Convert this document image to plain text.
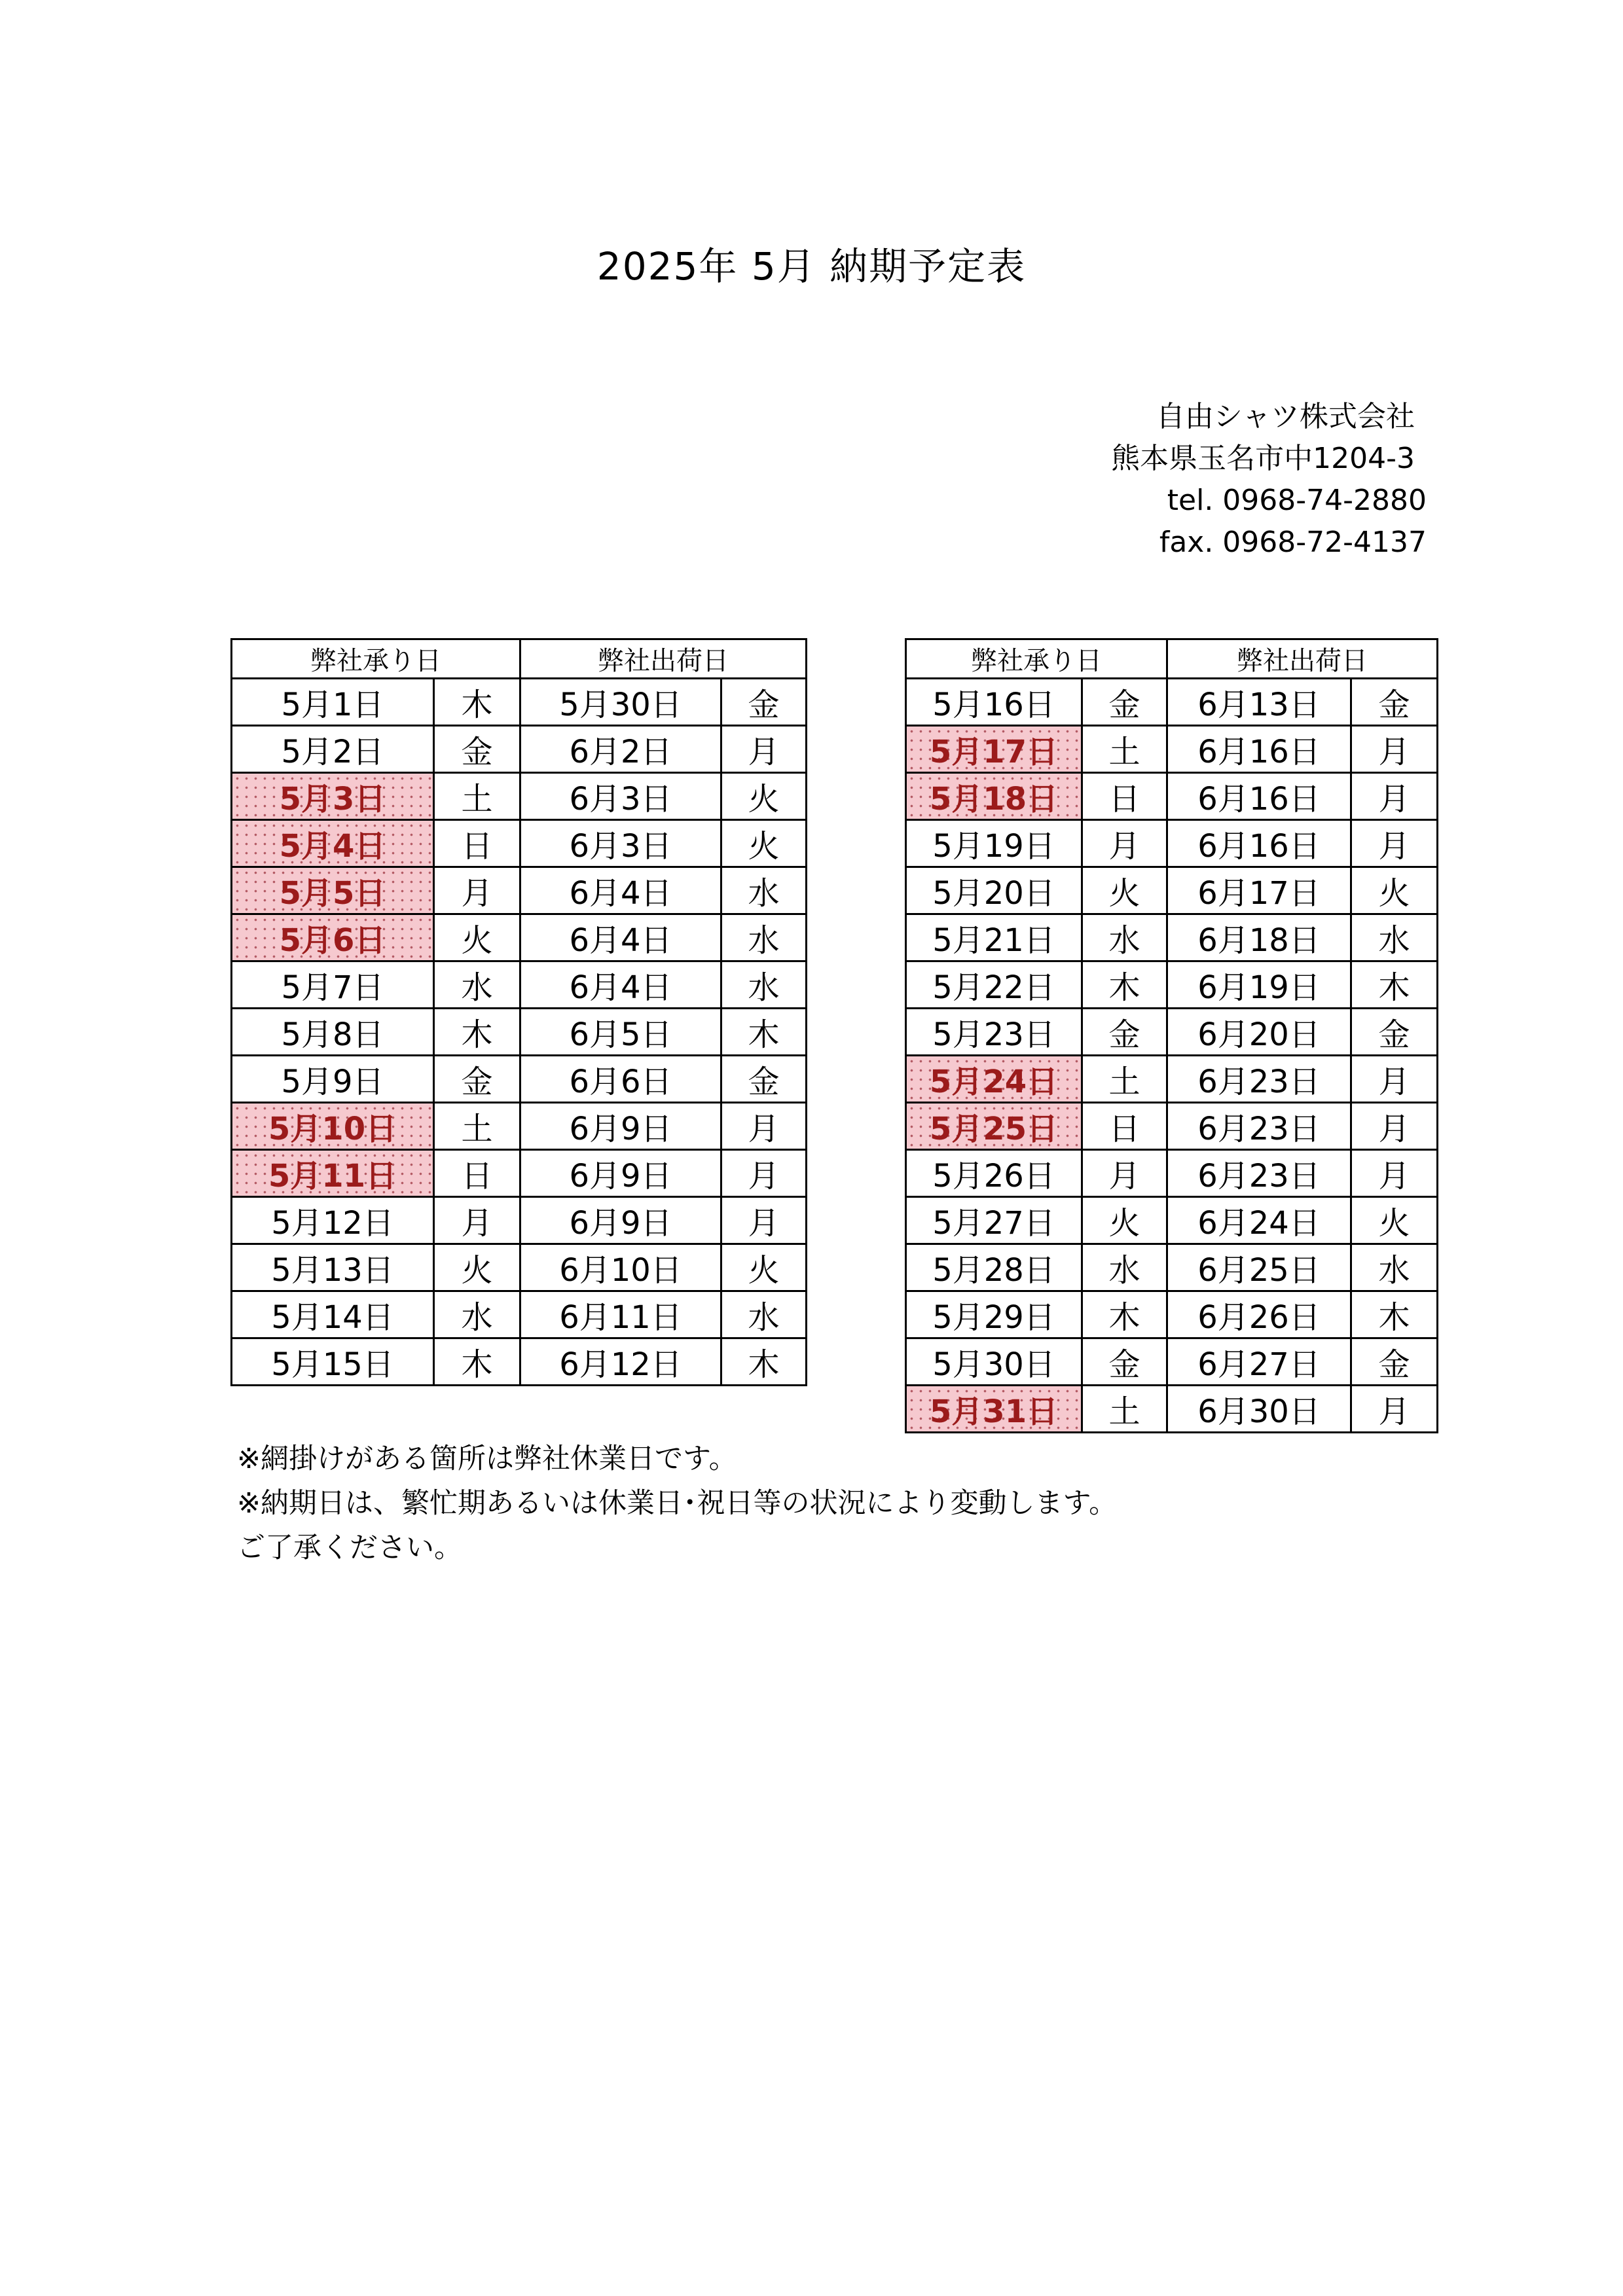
2025年 5月 納期予定表
自由シャツ株式会社
熊本県玉名市中1204-3
tel. 0968-74-2880
fax. 0968-72-4137
弊社承り日		弊社出荷日	
5月1日	木	5月30日	金
5月2日	金	6月2日	月
5月3日	土	6月3日	火
5月4日	日	6月3日	火
5月5日	月	6月4日	水
5月6日	火	6月4日	水
5月7日	水	6月4日	水
5月8日	木	6月5日	木
5月9日	金	6月6日	金
5月10日	土	6月9日	月
5月11日	日	6月9日	月
5月12日	月	6月9日	月
5月13日	火	6月10日	火
5月14日	水	6月11日	水
5月15日	木	6月12日	木
弊社承り日		弊社出荷日	
5月16日	金	6月13日	金
5月17日	土	6月16日	月
5月18日	日	6月16日	月
5月19日	月	6月16日	月
5月20日	火	6月17日	火
5月21日	水	6月18日	水
5月22日	木	6月19日	木
5月23日	金	6月20日	金
5月24日	土	6月23日	月
5月25日	日	6月23日	月
5月26日	月	6月23日	月
5月27日	火	6月24日	火
5月28日	水	6月25日	水
5月29日	木	6月26日	木
5月30日	金	6月27日	金
5月31日	土	6月30日	月
※網掛けがある箇所は弊社休業日です。
※納期日は、繁忙期あるいは休業日･祝日等の状況により変動します。
ご了承ください。
